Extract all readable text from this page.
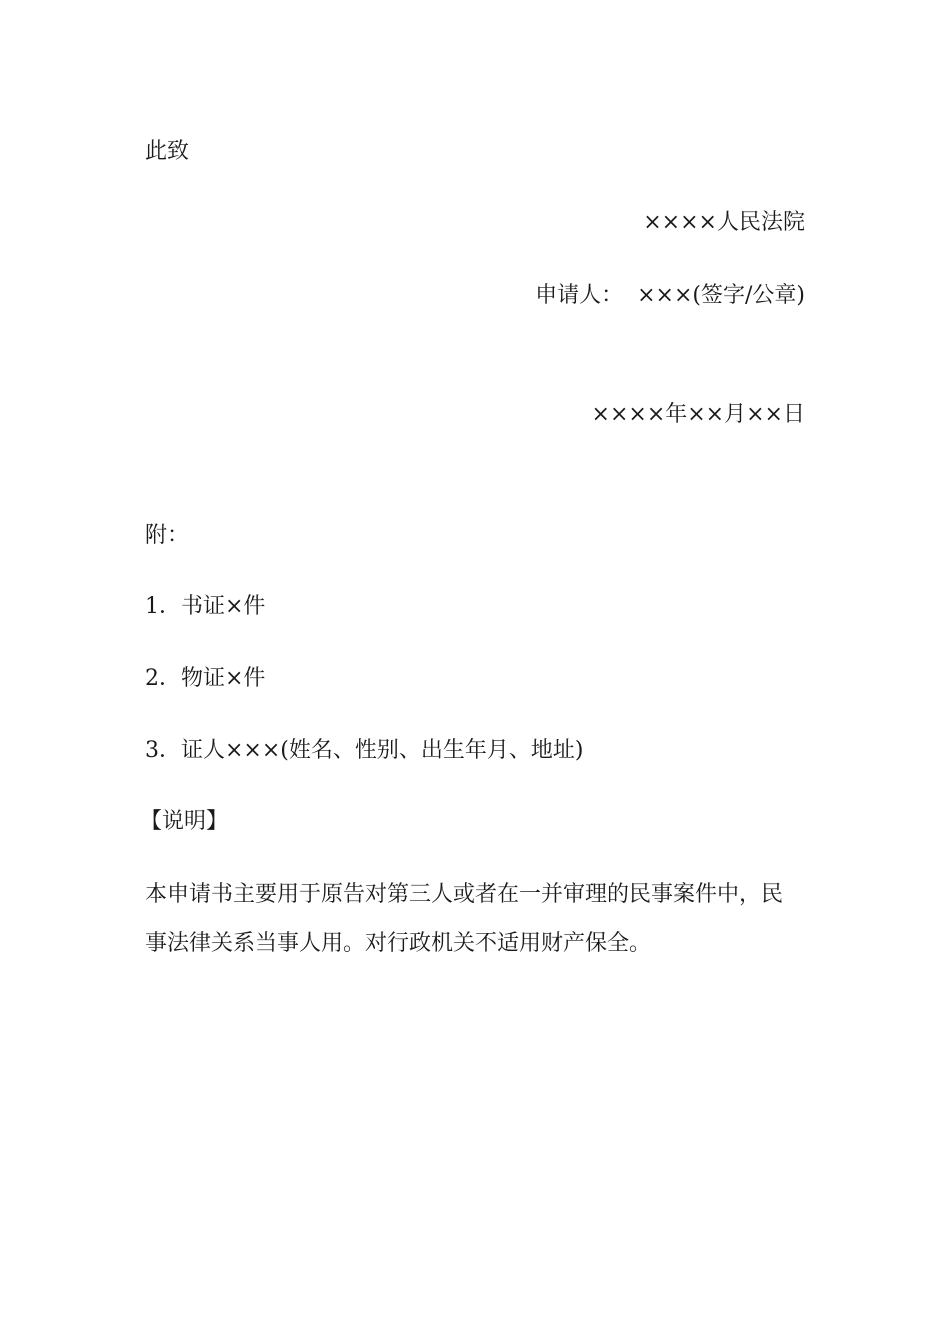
此致
××××人民法院
申请人： ×××(签字/公章)
××××年××月××日
附：
1．书证×件
2．物证×件
3．证人×××(姓名、性别、出生年月、地址)
【说明】
本申请书主要用于原告对第三人或者在一并审理的民事案件中，民
事法律关系当事人用。对行政机关不适用财产保全。
